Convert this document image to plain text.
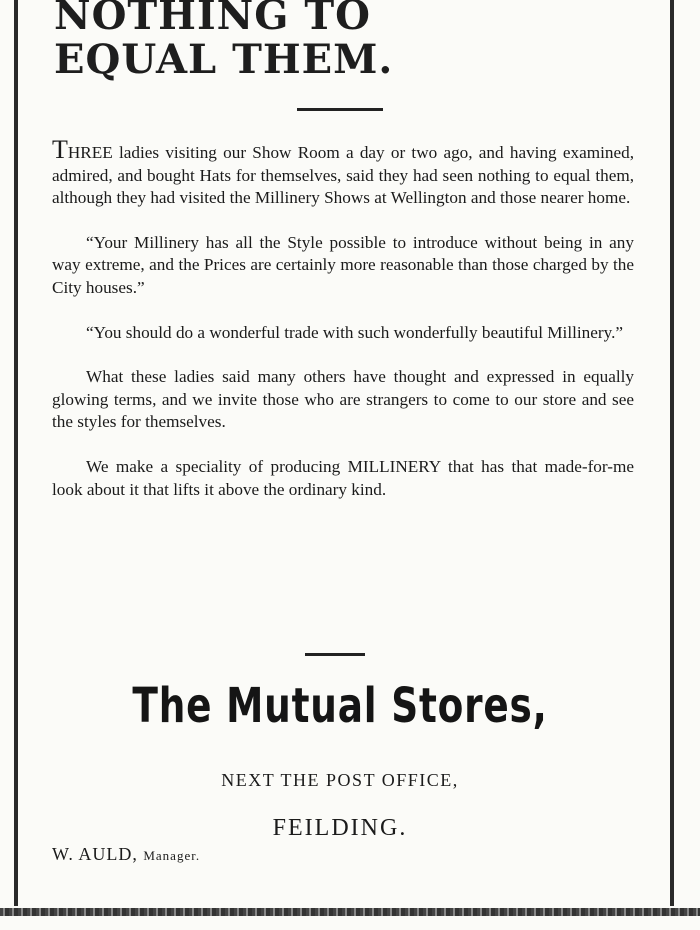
NOTHING TO
EQUAL THEM.

THREE ladies visiting our Show Room a day or two ago, and having examined, admired, and bought Hats for themselves, said they had seen nothing to equal them, although they had visited the Millinery Shows at Wellington and those nearer home.

“Your Millinery has all the Style possible to introduce without being in any way extreme, and the Prices are certainly more reasonable than those charged by the City houses.”

“You should do a wonderful trade with such wonderfully beautiful Millinery.”

What these ladies said many others have thought and expressed in equally glowing terms, and we invite those who are strangers to come to our store and see the styles for themselves.

We make a speciality of producing MILLINERY that has that made-for-me look about it that lifts it above the ordinary kind.

The Mutual Stores,
NEXT THE POST OFFICE,
FEILDING.
W. AULD, Manager.
